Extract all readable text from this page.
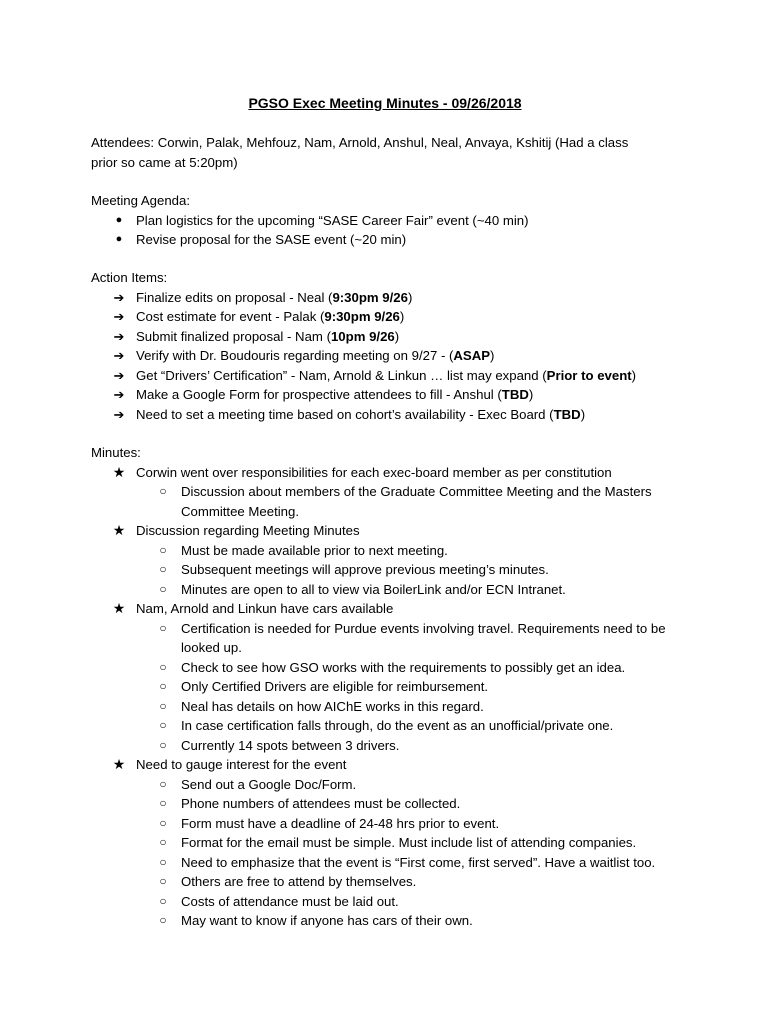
PGSO Exec Meeting Minutes - 09/26/2018
Attendees: Corwin, Palak, Mehfouz, Nam, Arnold, Anshul, Neal, Anvaya, Kshitij (Had a class
prior so came at 5:20pm)
Meeting Agenda:
●	Plan logistics for the upcoming “SASE Career Fair” event (~40 min)
●	Revise proposal for the SASE event (~20 min)
Action Items:
➔ Finalize edits on proposal - Neal (9:30pm 9/26)
➔ Cost estimate for event - Palak (9:30pm 9/26)
➔ Submit finalized proposal - Nam (10pm 9/26)
➔ Verify with Dr. Boudouris regarding meeting on 9/27 - (ASAP)
➔ Get “Drivers’ Certification” - Nam, Arnold & Linkun … list may expand (Prior to event)
➔ Make a Google Form for prospective attendees to fill - Anshul (TBD)
➔ Need to set a meeting time based on cohort’s availability - Exec Board (TBD)
Minutes:
★ Corwin went over responsibilities for each exec-board member as per constitution
○	Discussion about members of the Graduate Committee Meeting and the Masters Committee Meeting.
★ Discussion regarding Meeting Minutes
○	Must be made available prior to next meeting.
○	Subsequent meetings will approve previous meeting’s minutes.
○	Minutes are open to all to view via BoilerLink and/or ECN Intranet.
★ Nam, Arnold and Linkun have cars available
○	Certification is needed for Purdue events involving travel. Requirements need to be looked up.
○	Check to see how GSO works with the requirements to possibly get an idea.
○	Only Certified Drivers are eligible for reimbursement.
○	Neal has details on how AIChE works in this regard.
○	In case certification falls through, do the event as an unofficial/private one.
○	Currently 14 spots between 3 drivers.
★ Need to gauge interest for the event
○	Send out a Google Doc/Form.
○	Phone numbers of attendees must be collected.
○	Form must have a deadline of 24-48 hrs prior to event.
○	Format for the email must be simple. Must include list of attending companies.
○	Need to emphasize that the event is “First come, first served”. Have a waitlist too.
○	Others are free to attend by themselves.
○	Costs of attendance must be laid out.
○	May want to know if anyone has cars of their own.
